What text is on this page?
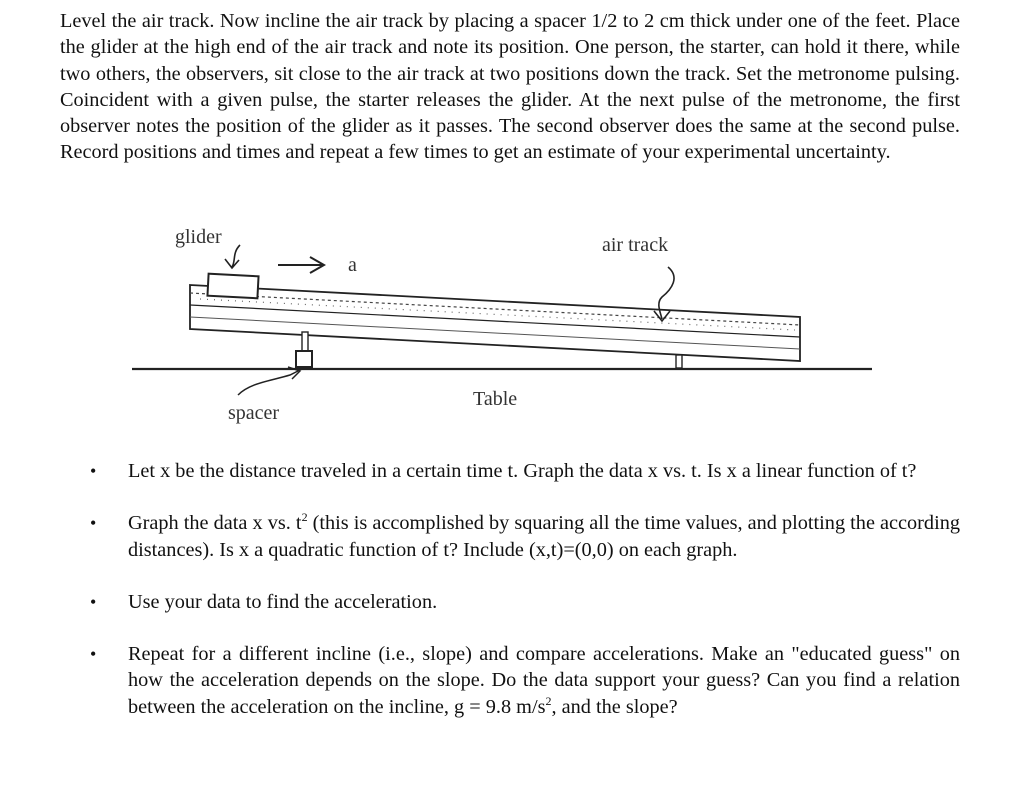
Level the air track. Now incline the air track by placing a spacer 1/2 to 2 cm thick under one of the feet. Place the glider at the high end of the air track and note its position. One person, the starter, can hold it there, while two others, the observers, sit close to the air track at two positions down the track. Set the metronome pulsing. Coincident with a given pulse, the starter releases the glider. At the next pulse of the metronome, the first observer notes the position of the glider as it passes. The second observer does the same at the second pulse. Record positions and times and repeat a few times to get an estimate of your experimental uncertainty.

glider
a
air track
spacer
Table
• Let x be the distance traveled in a certain time t. Graph the data x vs. t. Is x a linear function of t?
• Graph the data x vs. $t^2$ (this is accomplished by squaring all the time values, and plotting the according distances). Is x a quadratic function of t? Include (x,t)=(0,0) on each graph.
• Use your data to find the acceleration.
• Repeat for a different incline (i.e., slope) and compare accelerations. Make an "educated guess" on how the acceleration depends on the slope. Do the data support your guess? Can you find a relation between the acceleration on the incline, g = 9.8 $m/s^2$, and the slope?
